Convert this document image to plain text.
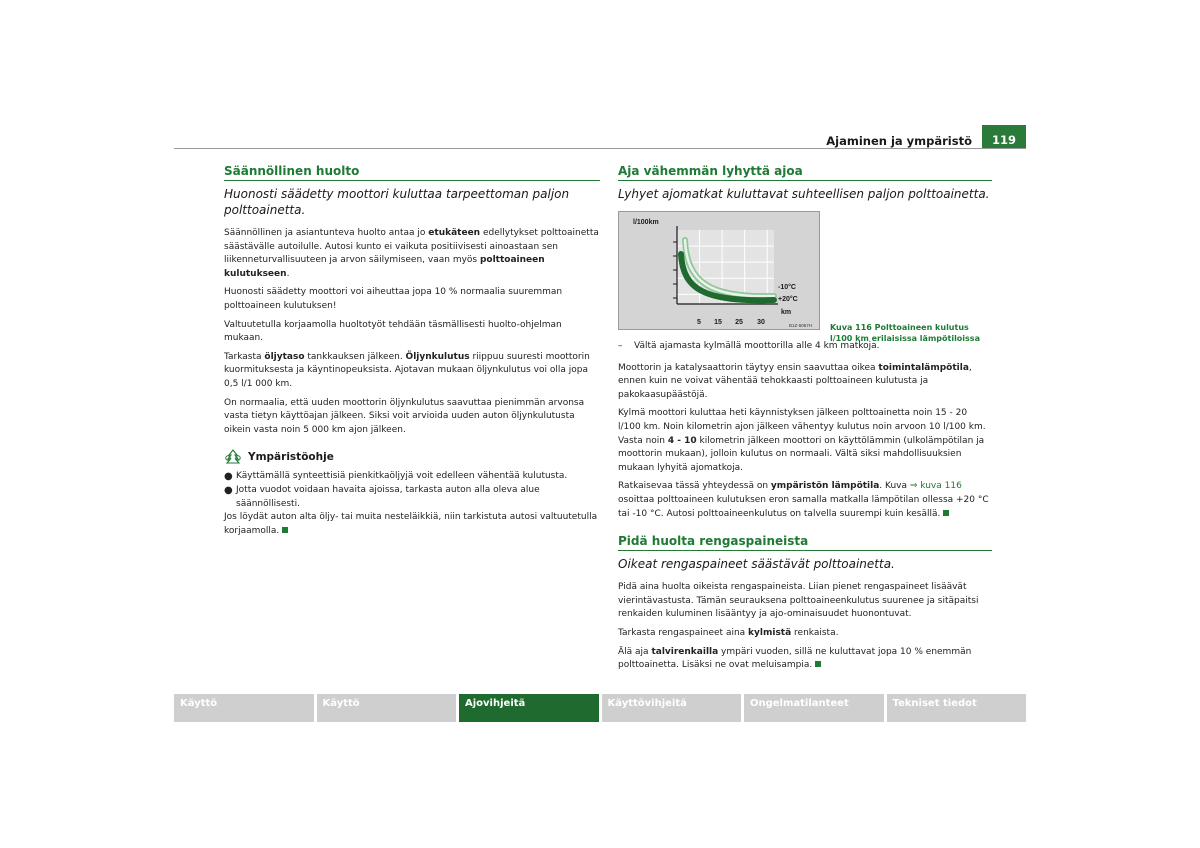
Ajaminen ja ympäristö	119
Säännöllinen huolto
Huonosti säädetty moottori kuluttaa tarpeettoman paljon polttoainetta.

Säännöllinen ja asiantunteva huolto antaa jo etukäteen edellytykset polttoainetta säästävälle autoilulle. Autosi kunto ei vaikuta positiivisesti ainoastaan sen liikenneturvallisuuteen ja arvon säilymiseen, vaan myös polttoaineen kulutukseen.

Huonosti säädetty moottori voi aiheuttaa jopa 10 % normaalia suuremman polttoaineen kulutuksen!

Valtuutetulla korjaamolla huoltotyöt tehdään täsmällisesti huolto-ohjelman mukaan.

Tarkasta öljytaso tankkauksen jälkeen. Öljynkulutus riippuu suuresti moottorin kuormituksesta ja käyntinopeuksista. Ajotavan mukaan öljynkulutus voi olla jopa 0,5 l/1 000 km.

On normaalia, että uuden moottorin öljynkulutus saavuttaa pienimmän arvonsa vasta tietyn käyttöajan jälkeen. Siksi voit arvioida uuden auton öljynkulutusta oikein vasta noin 5 000 km ajon jälkeen.

Ympäristöohje
● Käyttämällä synteettisiä pienkitkaöljyjä voit edelleen vähentää kulutusta.
● Jotta vuodot voidaan havaita ajoissa, tarkasta auton alla oleva alue säännöllisesti.
Jos löydät auton alta öljy- tai muita nesteläikkiä, niin tarkistuta autosi valtuutetulla korjaamolla.
Aja vähemmän lyhyttä ajoa
Lyhyet ajomatkat kuluttavat suhteellisen paljon polttoainetta.
l/100km
5 15 25 30
-10°C
+20°C
km
B1Z-5067H Kuva 116 Polttoaineen kulutus l/100 km erilaisissa lämpötiloissa
–	Vältä ajamasta kylmällä moottorilla alle 4 km matkoja.

Moottorin ja katalysaattorin täytyy ensin saavuttaa oikea toimintalämpötila, ennen kuin ne voivat vähentää tehokkaasti polttoaineen kulutusta ja pakokaasupäästöjä.

Kylmä moottori kuluttaa heti käynnistyksen jälkeen polttoainetta noin 15 - 20 l/100 km. Noin kilometrin ajon jälkeen vähentyy kulutus noin arvoon 10 l/100 km. Vasta noin 4 - 10 kilometrin jälkeen moottori on käyttölämmin (ulkolämpötilan ja moottorin mukaan), jolloin kulutus on normaali. Vältä siksi mahdollisuuksien mukaan lyhyitä ajomatkoja.

Ratkaisevaa tässä yhteydessä on ympäristön lämpötila. Kuva ⇒ kuva 116 osoittaa polttoaineen kulutuksen eron samalla matkalla lämpötilan ollessa +20 °C tai -10 °C. Autosi polttoaineenkulutus on talvella suurempi kuin kesällä.

Pidä huolta rengaspaineista
Oikeat rengaspaineet säästävät polttoainetta.

Pidä aina huolta oikeista rengaspaineista. Liian pienet rengaspaineet lisäävät vierintävastusta. Tämän seurauksena polttoaineenkulutus suurenee ja sitäpaitsi renkaiden kuluminen lisääntyy ja ajo-ominaisuudet huonontuvat.

Tarkasta rengaspaineet aina kylmistä renkaista.

Älä aja talvirenkailla ympäri vuoden, sillä ne kuluttavat jopa 10 % enemmän polttoainetta. Lisäksi ne ovat meluisampia.

Käyttö	Käyttö	Ajovihjeitä	Käyttövihjeitä	Ongelmatilanteet	Tekniset tiedot
